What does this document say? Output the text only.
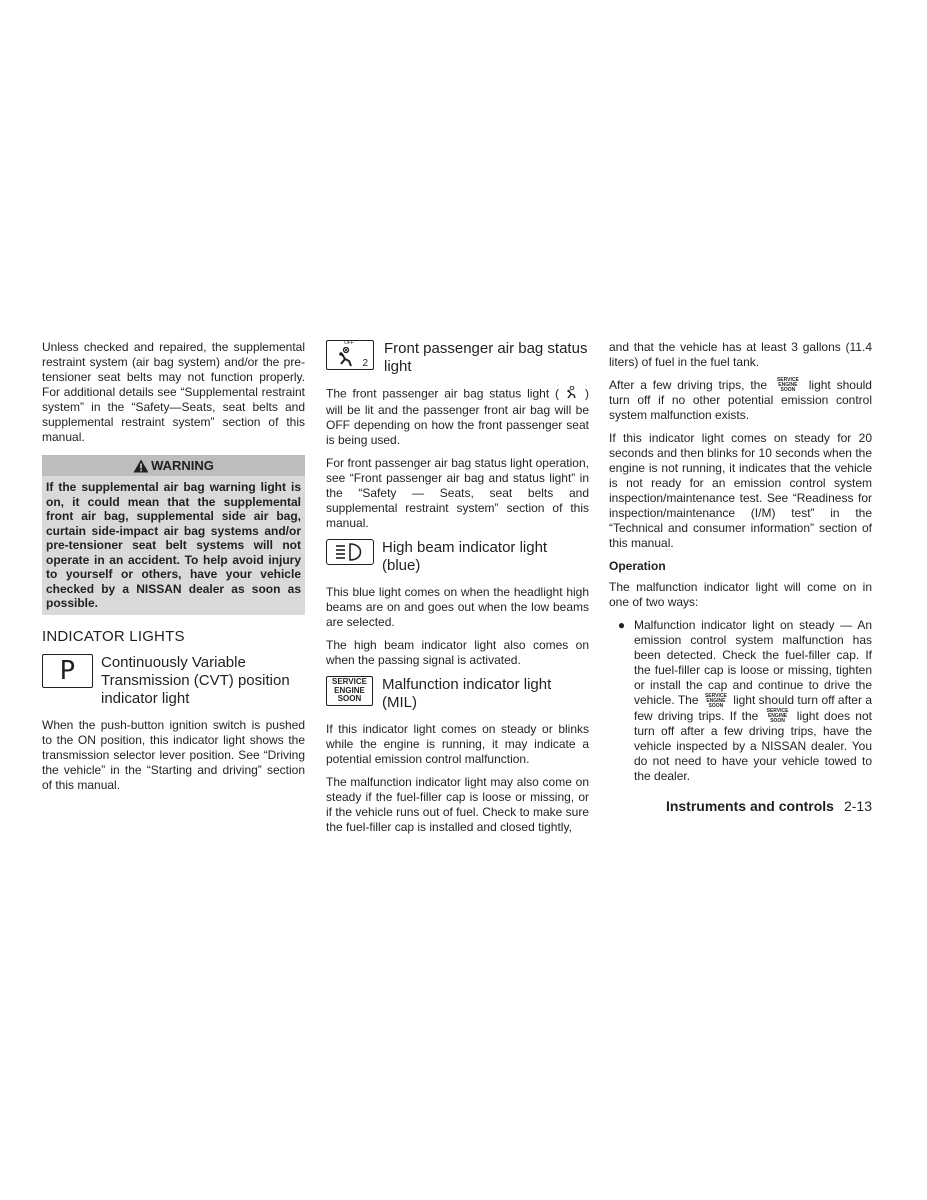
Unless checked and repaired, the supplemental restraint system (air bag system) and/or the pre-tensioner seat belts may not function properly. For additional details see “Supplemental restraint system” in the “Safety—Seats, seat belts and supplemental restraint system” section of this manual.

WARNING
If the supplemental air bag warning light is on, it could mean that the supplemental front air bag, supplemental side air bag, curtain side-impact air bag systems and/or pre-tensioner seat belt systems will not operate in an accident. To help avoid injury to yourself or others, have your vehicle checked by a NISSAN dealer as soon as possible.
INDICATOR LIGHTS
P Continuously Variable Transmission (CVT) position indicator light

When the push-button ignition switch is pushed to the ON position, this indicator light shows the transmission selector lever position. See “Driving the vehicle” in the “Starting and driving” section of this manual.

OFF
2
Front passenger air bag status light

The front passenger air bag status light ( ) will be lit and the passenger front air bag will be OFF depending on how the front passenger seat is being used.

For front passenger air bag status light operation, see “Front passenger air bag and status light” in the “Safety — Seats, seat belts and supplemental restraint system” section of this manual.

High beam indicator light (blue)

This blue light comes on when the headlight high beams are on and goes out when the low beams are selected.

The high beam indicator light also comes on when the passing signal is activated.

SERVICE
ENGINE
SOON
Malfunction indicator light (MIL)

If this indicator light comes on steady or blinks while the engine is running, it may indicate a potential emission control malfunction.

The malfunction indicator light may also come on steady if the fuel-filler cap is loose or missing, or if the vehicle runs out of fuel. Check to make sure the fuel-filler cap is installed and closed tightly,

and that the vehicle has at least 3 gallons (11.4 liters) of fuel in the fuel tank.

After a few driving trips, the SERVICE
ENGINE
SOON light should turn off if no other potential emission control system malfunction exists.

If this indicator light comes on steady for 20 seconds and then blinks for 10 seconds when the engine is not running, it indicates that the vehicle is not ready for an emission control system inspection/maintenance test. See “Readiness for inspection/maintenance (I/M) test” in the “Technical and consumer information” section of this manual.

Operation

The malfunction indicator light will come on in one of two ways:

● Malfunction indicator light on steady — An emission control system malfunction has been detected. Check the fuel-filler cap. If the fuel-filler cap is loose or missing, tighten or install the cap and continue to drive the vehicle. The SERVICE
ENGINE
SOON light should turn off after a few driving trips. If the SERVICE
ENGINE
SOON light does not turn off after a few driving trips, have the vehicle inspected by a NISSAN dealer. You do not need to have your vehicle towed to the dealer.
Instruments and controls 2-13
